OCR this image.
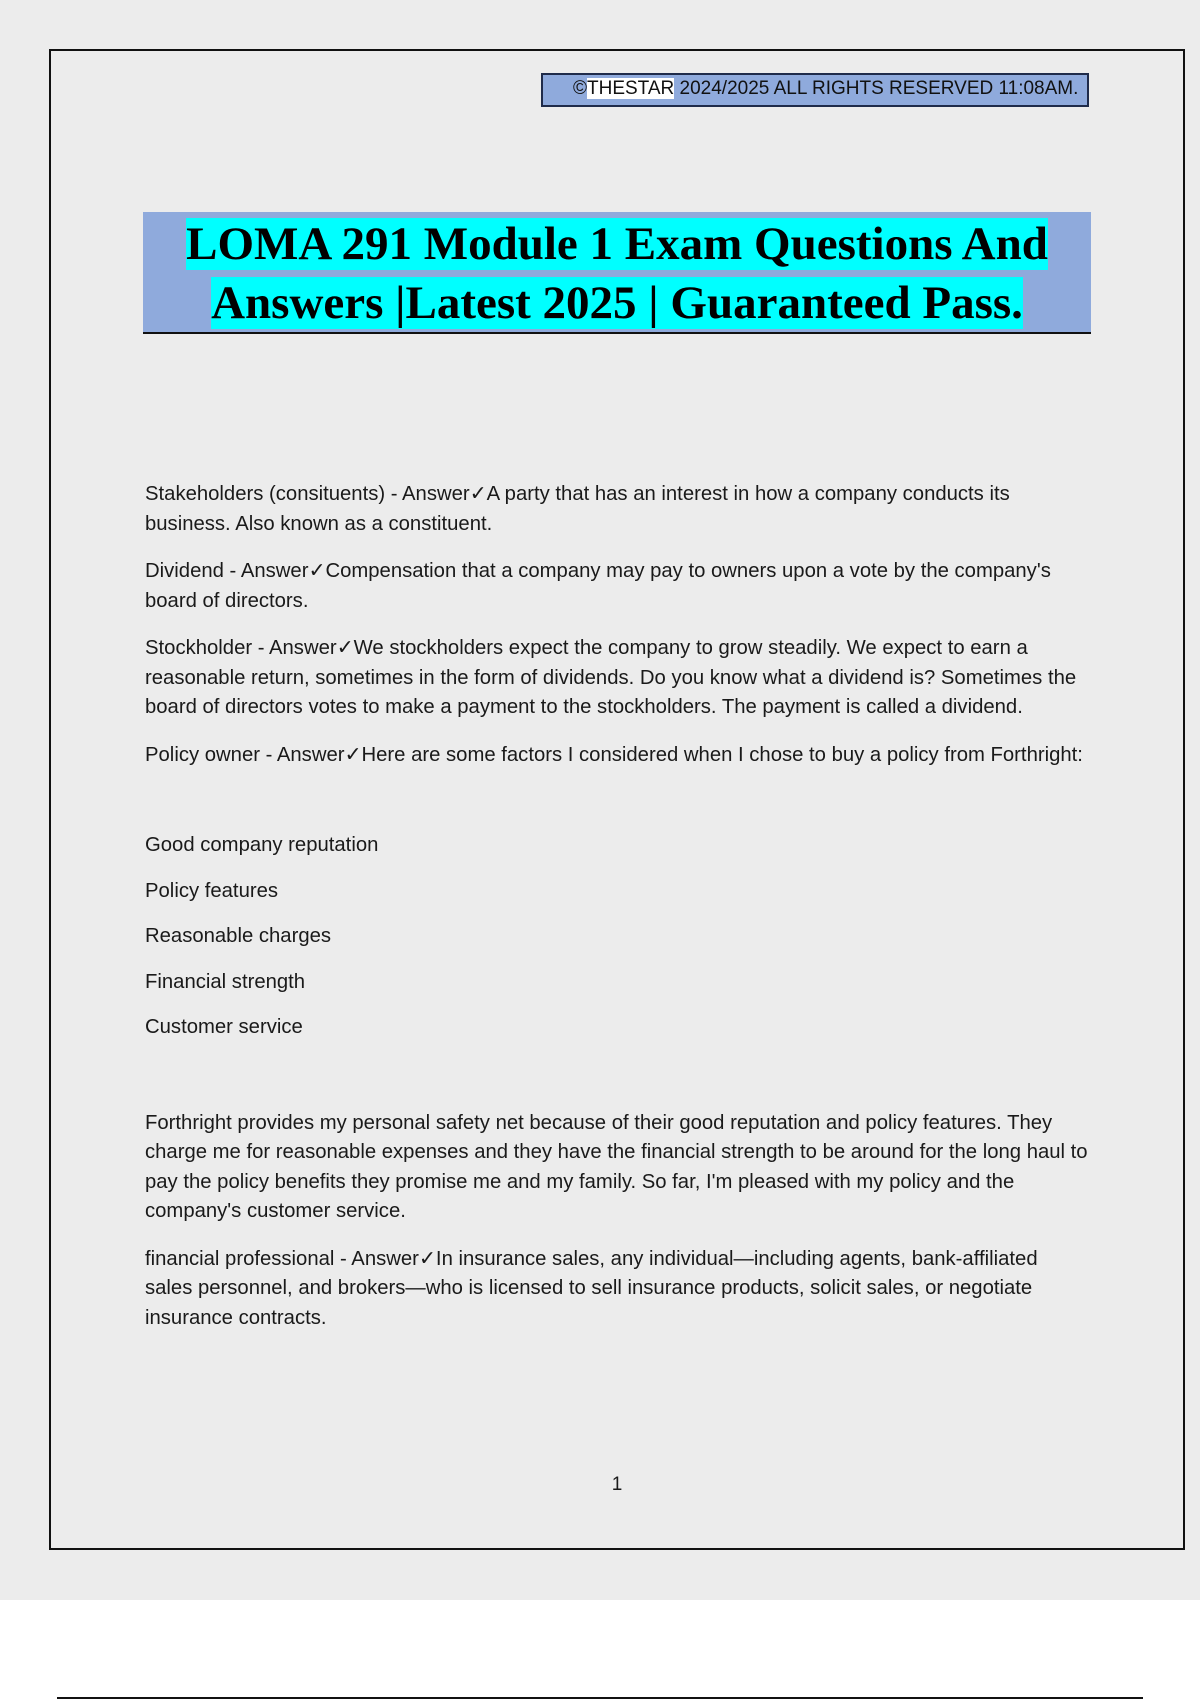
©THESTAR 2024/2025 ALL RIGHTS RESERVED 11:08AM.
LOMA 291 Module 1 Exam Questions And
Answers |Latest 2025 | Guaranteed Pass.

Stakeholders (consituents) - Answer✓A party that has an interest in how a company conducts its business. Also known as a constituent.

Dividend - Answer✓Compensation that a company may pay to owners upon a vote by the company's board of directors.

Stockholder - Answer✓We stockholders expect the company to grow steadily. We expect to earn a reasonable return, sometimes in the form of dividends. Do you know what a dividend is? Sometimes the board of directors votes to make a payment to the stockholders. The payment is called a dividend.

Policy owner - Answer✓Here are some factors I considered when I chose to buy a policy from Forthright:

Good company reputation
Policy features
Reasonable charges
Financial strength
Customer service

Forthright provides my personal safety net because of their good reputation and policy features. They charge me for reasonable expenses and they have the financial strength to be around for the long haul to pay the policy benefits they promise me and my family. So far, I'm pleased with my policy and the company's customer service.

financial professional - Answer✓In insurance sales, any individual—including agents, bank-affiliated sales personnel, and brokers—who is licensed to sell insurance products, solicit sales, or negotiate insurance contracts.

1
